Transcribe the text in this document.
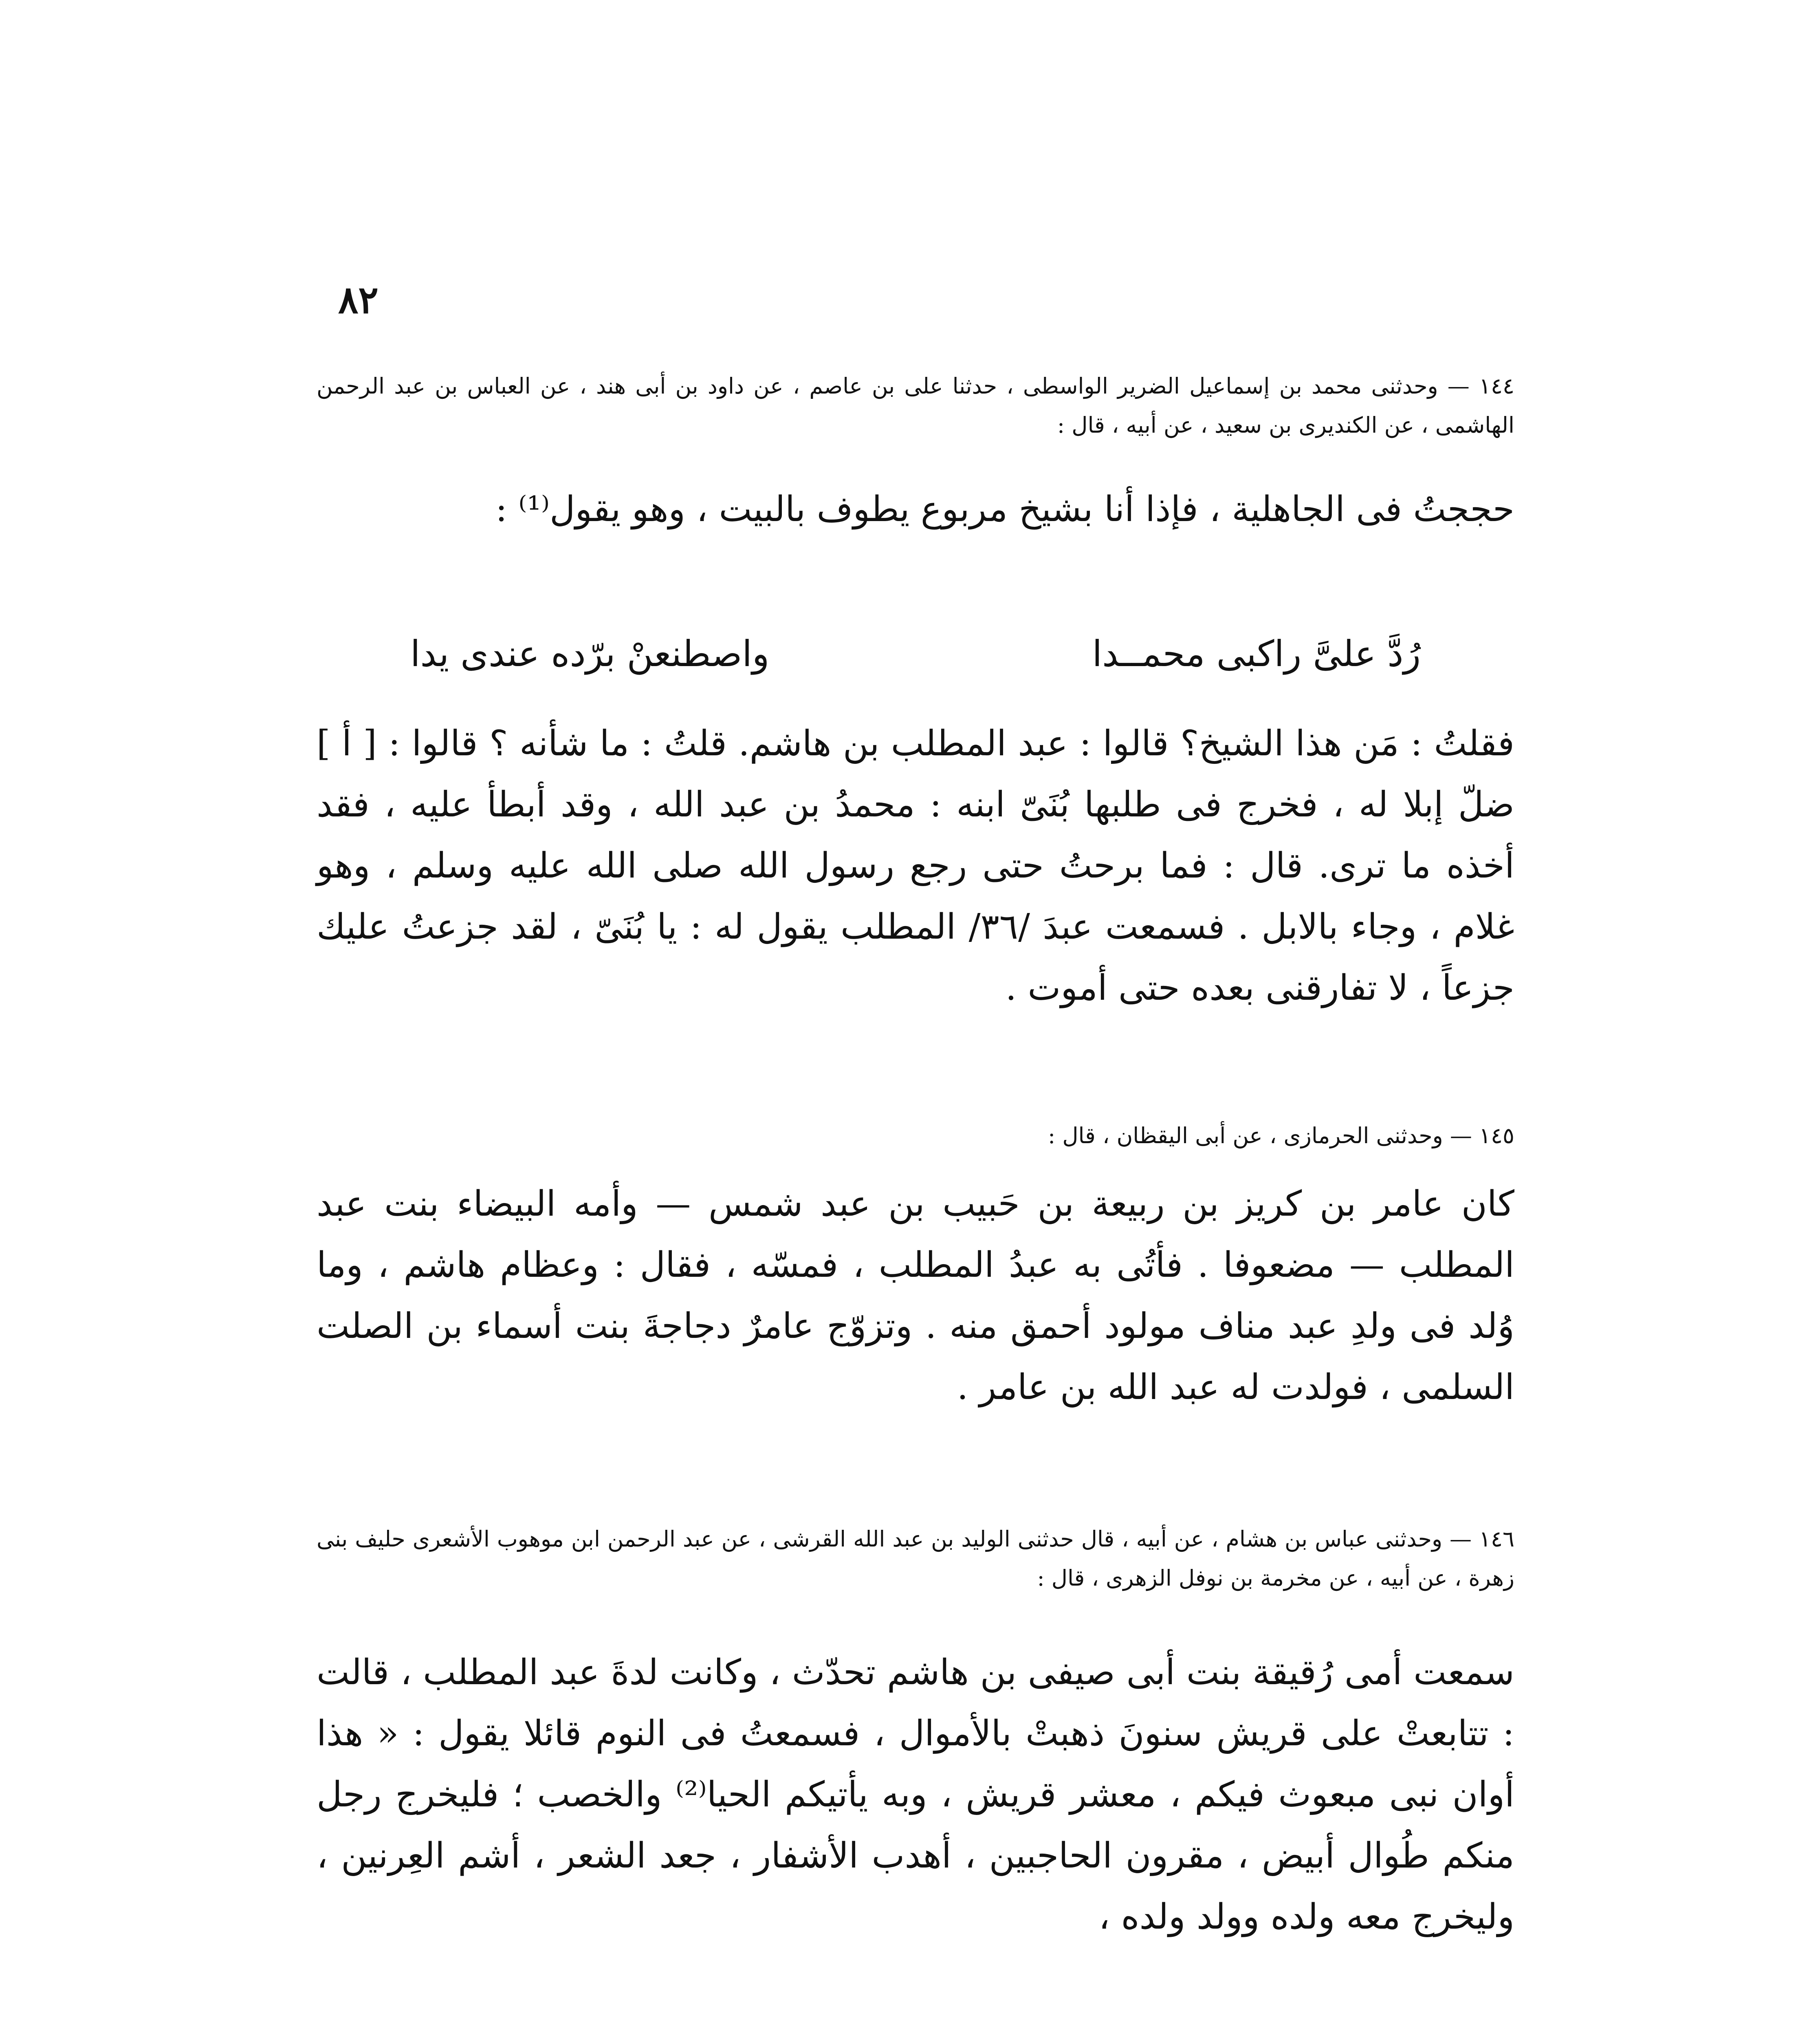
٨٢
١٤٤ — وحدثنى محمد بن إسماعيل الضرير الواسطى ، حدثنا على بن عاصم ، عن داود بن أبى هند ، عن العباس بن عبد الرحمن الهاشمى ، عن الكنديرى بن سعيد ، عن أبيه ، قال :
حججتُ فى الجاهلية ، فإذا أنا بشيخ مربوع يطوف بالبيت ، وهو يقول⁽¹⁾ :
رُدَّ علىَّ راكبى محمــدا
واصطنعنْ برّده عندى يدا
فقلتُ : مَن هذا الشيخ؟ قالوا : عبد المطلب بن هاشم. قلتُ : ما شأنه ؟ قالوا : [ أ ] ضلّ إبلا له ، فخرج فى طلبها بُنَىّ ابنه : محمدُ بن عبد الله ، وقد أبطأ عليه ، فقد أخذه ما ترى. قال : فما برحتُ حتى رجع رسول الله صلى الله عليه وسلم ، وهو غلام ، وجاء بالابل . فسمعت عبدَ /٣٦/ المطلب يقول له : يا بُنَىّ ، لقد جزعتُ عليك جزعاً ، لا تفارقنى بعده حتى أموت .
١٤٥ — وحدثنى الحرمازى ، عن أبى اليقظان ، قال :
كان عامر بن كريز بن ربيعة بن حَبيب بن عبد شمس — وأمه البيضاء بنت عبد المطلب — مضعوفا . فأتُى به عبدُ المطلب ، فمسّه ، فقال : وعظام هاشم ، وما وُلد فى ولدِ عبد مناف مولود أحمق منه . وتزوّج عامرٌ دجاجةَ بنت أسماء بن الصلت السلمى ، فولدت له عبد الله بن عامر .
١٤٦ — وحدثنى عباس بن هشام ، عن أبيه ، قال حدثنى الوليد بن عبد الله القرشى ، عن عبد الرحمن ابن موهوب الأشعرى حليف بنى زهرة ، عن أبيه ، عن مخرمة بن نوفل الزهرى ، قال :
سمعت أمى رُقيقة بنت أبى صيفى بن هاشم تحدّث ، وكانت لدةَ عبد المطلب ، قالت : تتابعتْ على قريش سنونَ ذهبتْ بالأموال ، فسمعتُ فى النوم قائلا يقول : « هذا أوان نبى مبعوث فيكم ، معشر قريش ، وبه يأتيكم الحيا⁽²⁾ والخصب ؛ فليخرج رجل منكم طُوال أبيض ، مقرون الحاجبين ، أهدب الأشفار ، جعد الشعر ، أشم العِرنين ، وليخرج معه ولده وولد ولده ،
